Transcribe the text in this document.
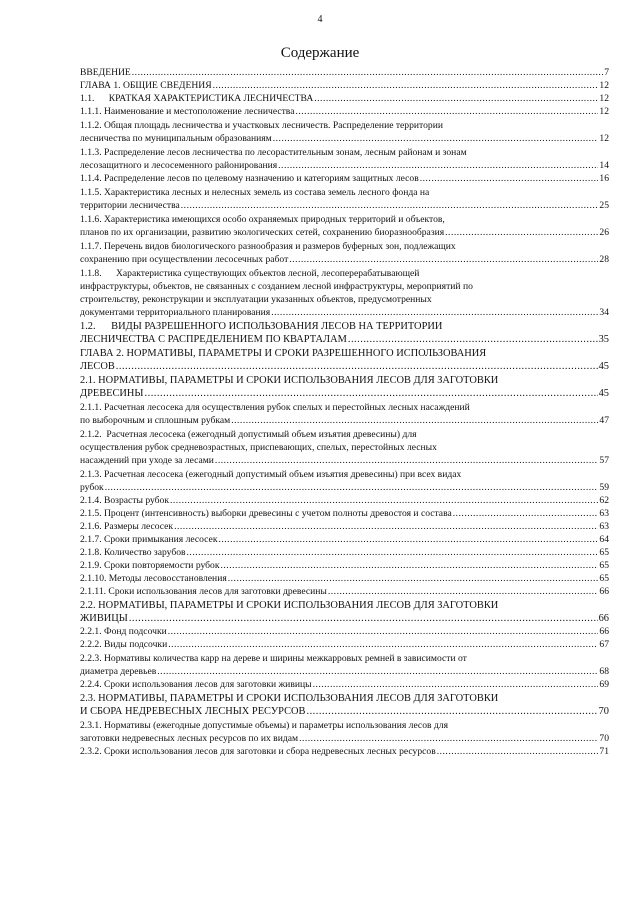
4
Содержание
ВВЕДЕНИЕ .....	7
ГЛАВА 1. ОБЩИЕ СВЕДЕНИЯ .....	12
1.1.      КРАТКАЯ ХАРАКТЕРИСТИКА ЛЕСНИЧЕСТВА .....	12
1.1.1. Наименование и местоположение лесничества .....	12
1.1.2. Общая площадь лесничества и участковых лесничеств. Распределение территории
лесничества по муниципальным образованиям .....	12
1.1.3. Распределение лесов лесничества по лесорастительным зонам, лесным районам и зонам
лесозащитного и лесосеменного районирования .....	14
1.1.4. Распределение лесов по целевому назначению и категориям защитных лесов .....	16
1.1.5. Характеристика лесных и нелесных земель из состава земель лесного фонда на
территории лесничества .....	25
1.1.6. Характеристика имеющихся особо охраняемых природных территорий и объектов,
планов по их организации, развитию экологических сетей, сохранению биоразнообразия .....	26
1.1.7. Перечень видов биологического разнообразия и размеров буферных зон, подлежащих
сохранению при осуществлении лесосечных работ .....	28
1.1.8.      Характеристика существующих объектов лесной, лесоперерабатывающей
инфраструктуры, объектов, не связанных с созданием лесной инфраструктуры, мероприятий по
строительству, реконструкции и эксплуатации указанных объектов, предусмотренных
документами территориального планирования .....	34
1.2.      ВИДЫ РАЗРЕШЕННОГО ИСПОЛЬЗОВАНИЯ ЛЕСОВ НА ТЕРРИТОРИИ
ЛЕСНИЧЕСТВА С РАСПРЕДЕЛЕНИЕМ ПО КВАРТАЛАМ .....	35
ГЛАВА 2. НОРМАТИВЫ, ПАРАМЕТРЫ И СРОКИ РАЗРЕШЕННОГО ИСПОЛЬЗОВАНИЯ
ЛЕСОВ .....	45
2.1. НОРМАТИВЫ, ПАРАМЕТРЫ И СРОКИ ИСПОЛЬЗОВАНИЯ ЛЕСОВ ДЛЯ ЗАГОТОВКИ
ДРЕВЕСИНЫ .....	45
2.1.1. Расчетная лесосека для осуществления рубок спелых и перестойных лесных насаждений
по выборочным и сплошным рубкам .....	47
2.1.2.  Расчетная лесосека (ежегодный допустимый объем изъятия древесины) для
осуществления рубок средневозрастных, приспевающих, спелых, перестойных лесных
насаждений при уходе за лесами .....	57
2.1.3. Расчетная лесосека (ежегодный допустимый объем изъятия древесины) при всех видах
рубок .....	59
2.1.4. Возрасты рубок .....	62
2.1.5. Процент (интенсивность) выборки древесины с учетом полноты древостоя и состава .....	63
2.1.6. Размеры лесосек .....	63
2.1.7. Сроки примыкания лесосек .....	64
2.1.8. Количество зарубов .....	65
2.1.9. Сроки повторяемости рубок .....	65
2.1.10. Методы лесовосстановления .....	65
2.1.11. Сроки использования лесов для заготовки древесины .....	66
2.2. НОРМАТИВЫ, ПАРАМЕТРЫ И СРОКИ ИСПОЛЬЗОВАНИЯ ЛЕСОВ ДЛЯ ЗАГОТОВКИ
ЖИВИЦЫ .....	66
2.2.1. Фонд подсочки .....	66
2.2.2. Виды подсочки .....	67
2.2.3. Нормативы количества карр на дереве и ширины межкарровых ремней в зависимости от
диаметра деревьев .....	68
2.2.4. Сроки использования лесов для заготовки живицы .....	69
2.3. НОРМАТИВЫ, ПАРАМЕТРЫ И СРОКИ ИСПОЛЬЗОВАНИЯ ЛЕСОВ ДЛЯ ЗАГОТОВКИ
И СБОРА НЕДРЕВЕСНЫХ ЛЕСНЫХ РЕСУРСОВ .....	70
2.3.1. Нормативы (ежегодные допустимые объемы) и параметры использования лесов для
заготовки недревесных лесных ресурсов по их видам .....	70
2.3.2. Сроки использования лесов для заготовки и сбора недревесных лесных ресурсов .....	71
